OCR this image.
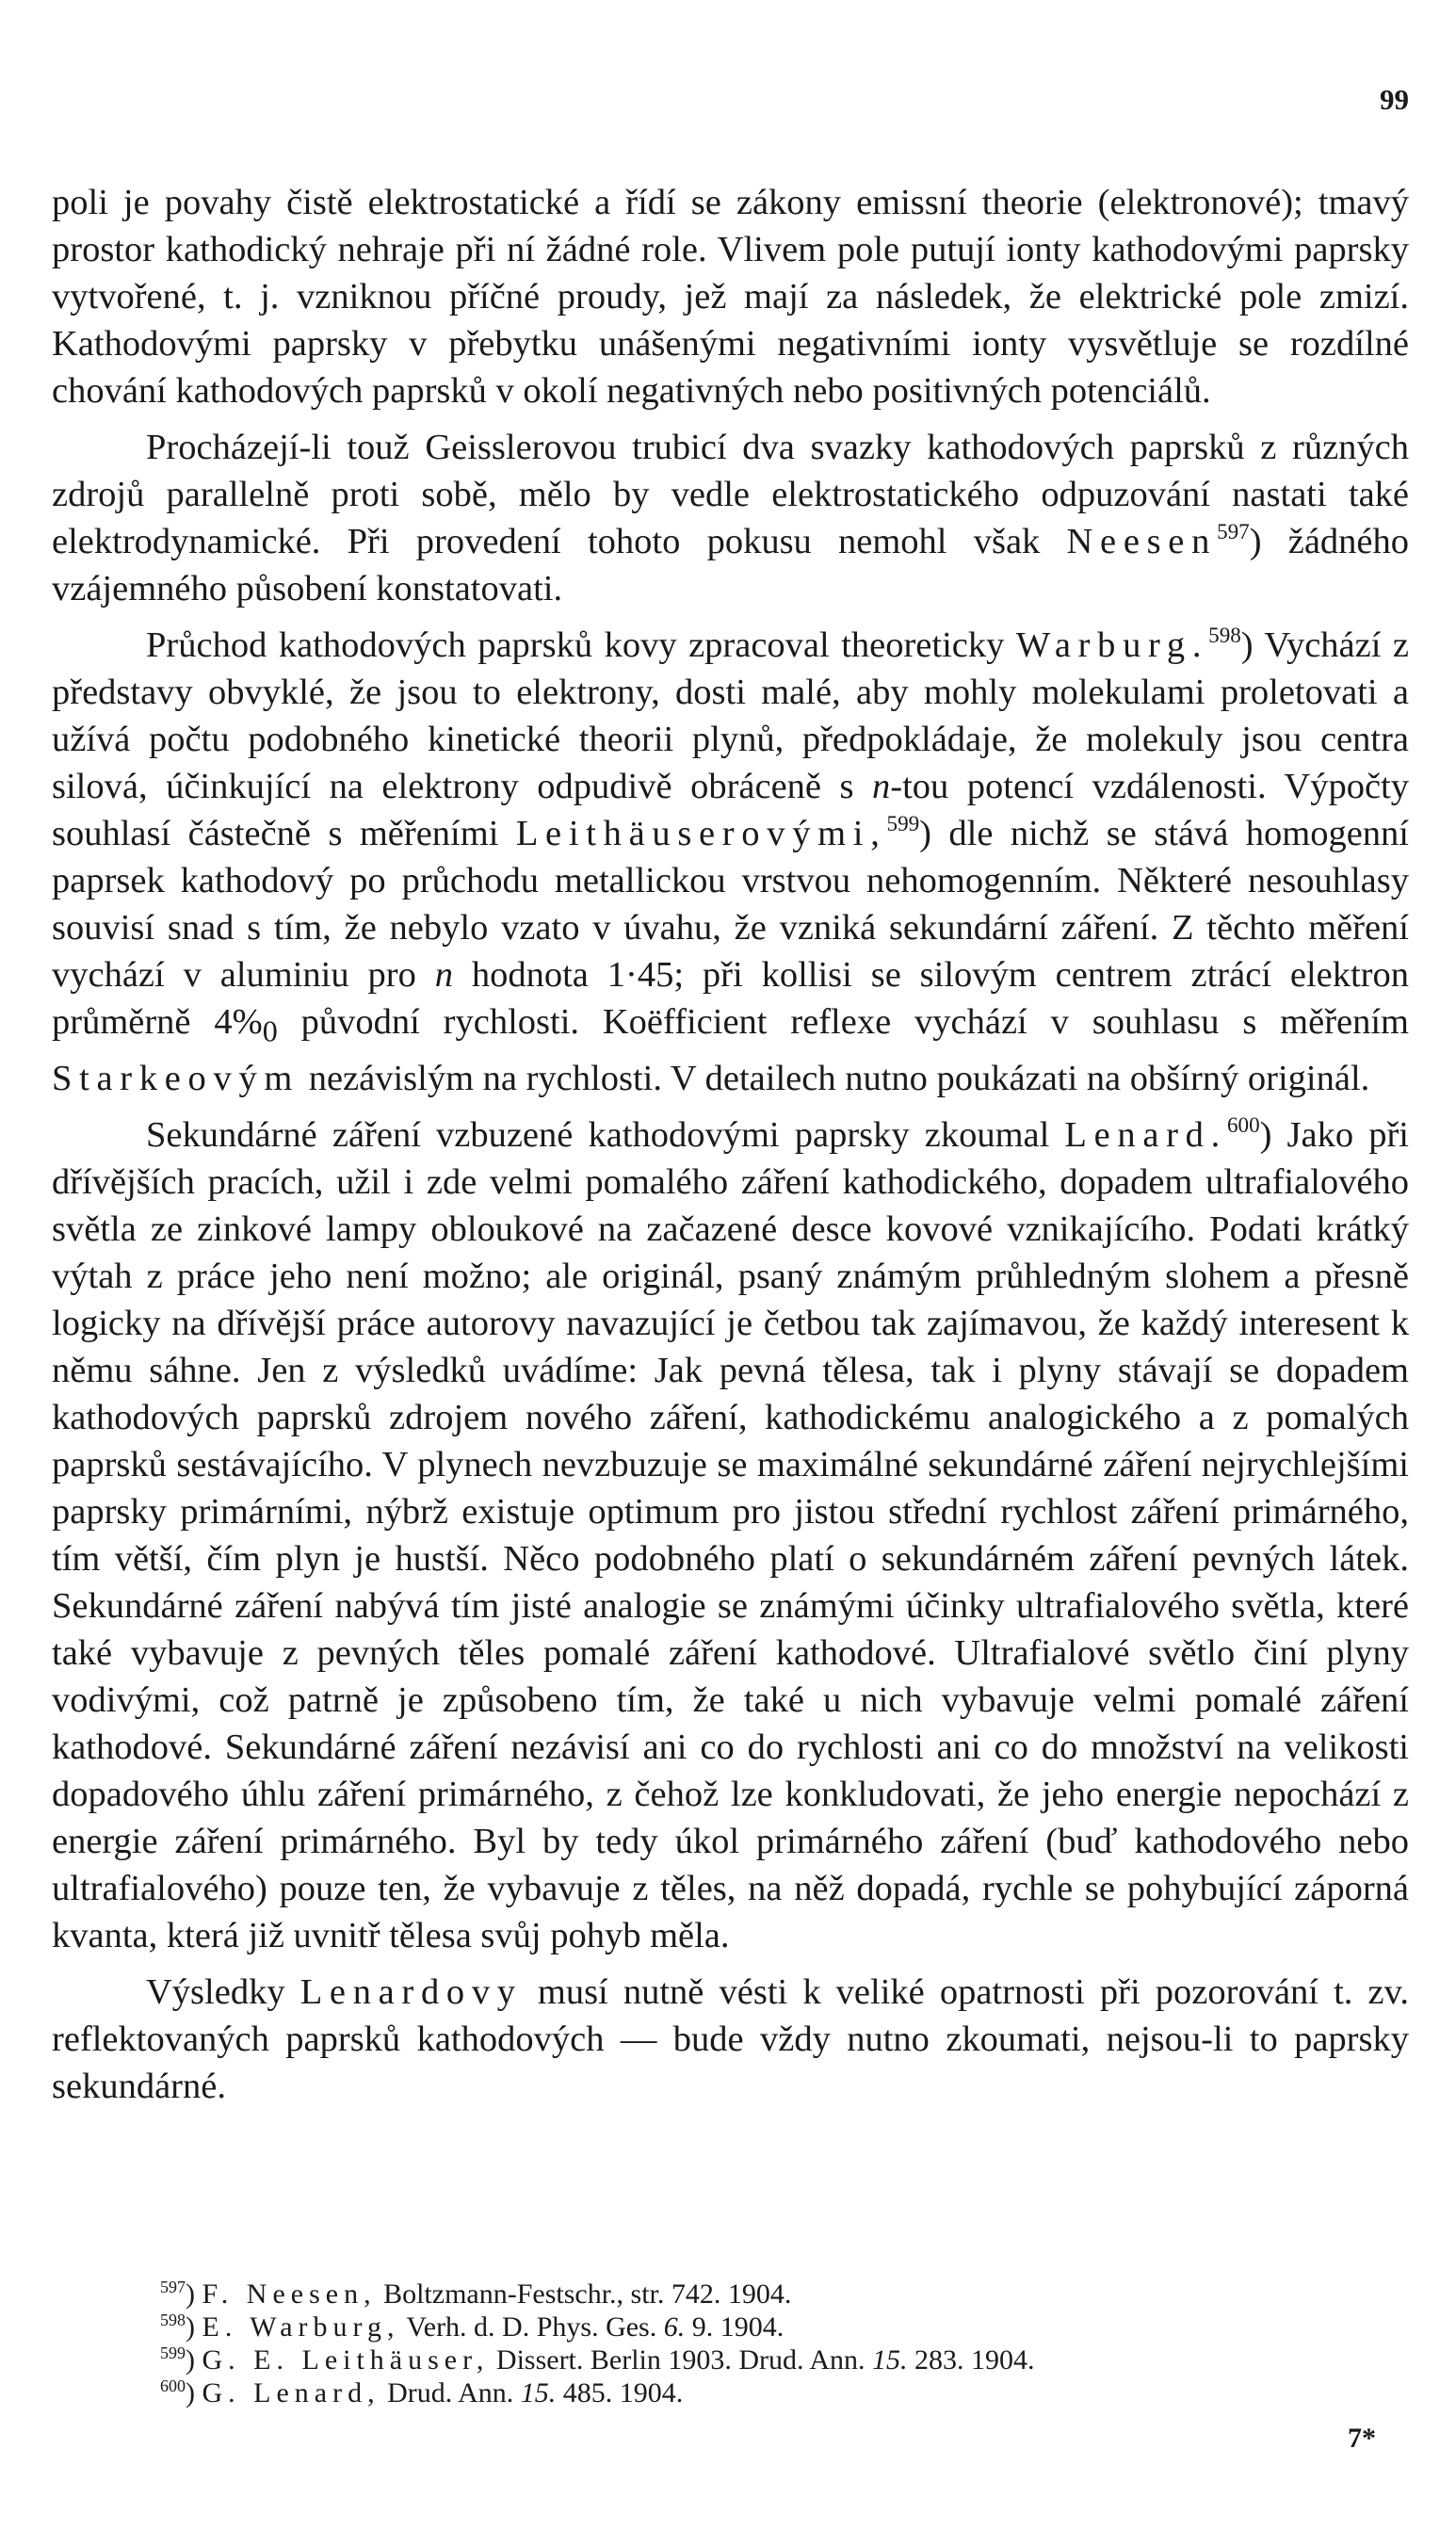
99

poli je povahy čistě elektrostatické a řídí se zákony emissní theorie (elektronové); tmavý prostor kathodický nehraje při ní žádné role. Vlivem pole putují ionty kathodovými paprsky vytvořené, t. j. vzniknou příčné proudy, jež mají za následek, že elektrické pole zmizí. Kathodovými paprsky v přebytku unášenými negativními ionty vysvětluje se rozdílné chování kathodových paprsků v okolí negativných nebo positivných potenciálů.

Procházejí-li touž Geisslerovou trubicí dva svazky kathodových paprsků z různých zdrojů parallelně proti sobě, mělo by vedle elektrostatického odpuzování nastati také elektrodynamické. Při provedení tohoto pokusu nemohl však Neesen$^{597}$) žádného vzájemného působení konstatovati.

Průchod kathodových paprsků kovy zpracoval theoreticky Warburg.$^{598}$) Vychází z představy obvyklé, že jsou to elektrony, dosti malé, aby mohly molekulami proletovati a užívá počtu podobného kinetické theorii plynů, předpokládaje, že molekuly jsou centra silová, účinkující na elektrony odpudivě obráceně s n-tou potencí vzdálenosti. Výpočty souhlasí částečně s měřeními Leithäuserovými,$^{599}$) dle nichž se stává homogenní paprsek kathodový po průchodu metallickou vrstvou nehomogenním. Některé nesouhlasy souvisí snad s tím, že nebylo vzato v úvahu, že vzniká sekundární záření. Z těchto měření vychází v aluminiu pro n hodnota 1·45; při kollisi se silovým centrem ztrácí elektron průměrně $4\%_0$ původní rychlosti. Koëfficient reflexe vychází v souhlasu s měřením Starkeovým nezávislým na rychlosti. V detailech nutno poukázati na obšírný originál.

Sekundárné záření vzbuzené kathodovými paprsky zkoumal Lenard.$^{600}$) Jako při dřívějších pracích, užil i zde velmi pomalého záření kathodického, dopadem ultrafialového světla ze zinkové lampy obloukové na začazené desce kovové vznikajícího. Podati krátký výtah z práce jeho není možno; ale originál, psaný známým průhledným slohem a přesně logicky na dřívější práce autorovy navazující je četbou tak zajímavou, že každý interesent k němu sáhne. Jen z výsledků uvádíme: Jak pevná tělesa, tak i plyny stávají se dopadem kathodových paprsků zdrojem nového záření, kathodickému analogického a z pomalých paprsků sestávajícího. V plynech nevzbuzuje se maximálné sekundárné záření nejrychlejšími paprsky primárními, nýbrž existuje optimum pro jistou střední rychlost záření primárného, tím větší, čím plyn je hustší. Něco podobného platí o sekundárném záření pevných látek. Sekundárné záření nabývá tím jisté analogie se známými účinky ultrafialového světla, které také vybavuje z pevných těles pomalé záření kathodové. Ultrafialové světlo činí plyny vodivými, což patrně je způsobeno tím, že také u nich vybavuje velmi pomalé záření kathodové. Sekundárné záření nezávisí ani co do rychlosti ani co do množství na velikosti dopadového úhlu záření primárného, z čehož lze konkludovati, že jeho energie nepochází z energie záření primárného. Byl by tedy úkol primárného záření (buď kathodového nebo ultrafialového) pouze ten, že vybavuje z těles, na něž dopadá, rychle se pohybující záporná kvanta, která již uvnitř tělesa svůj pohyb měla.

Výsledky Lenardovy musí nutně vésti k veliké opatrnosti při pozorování t. zv. reflektovaných paprsků kathodových — bude vždy nutno zkoumati, nejsou-li to paprsky sekundárné.

$^{597}$) F. Neesen, Boltzmann-Festschr., str. 742. 1904.
$^{598}$) E. Warburg, Verh. d. D. Phys. Ges. 6. 9. 1904.
$^{599}$) G. E. Leithäuser, Dissert. Berlin 1903. Drud. Ann. 15. 283. 1904.
$^{600}$) G. Lenard, Drud. Ann. 15. 485. 1904.
7*
